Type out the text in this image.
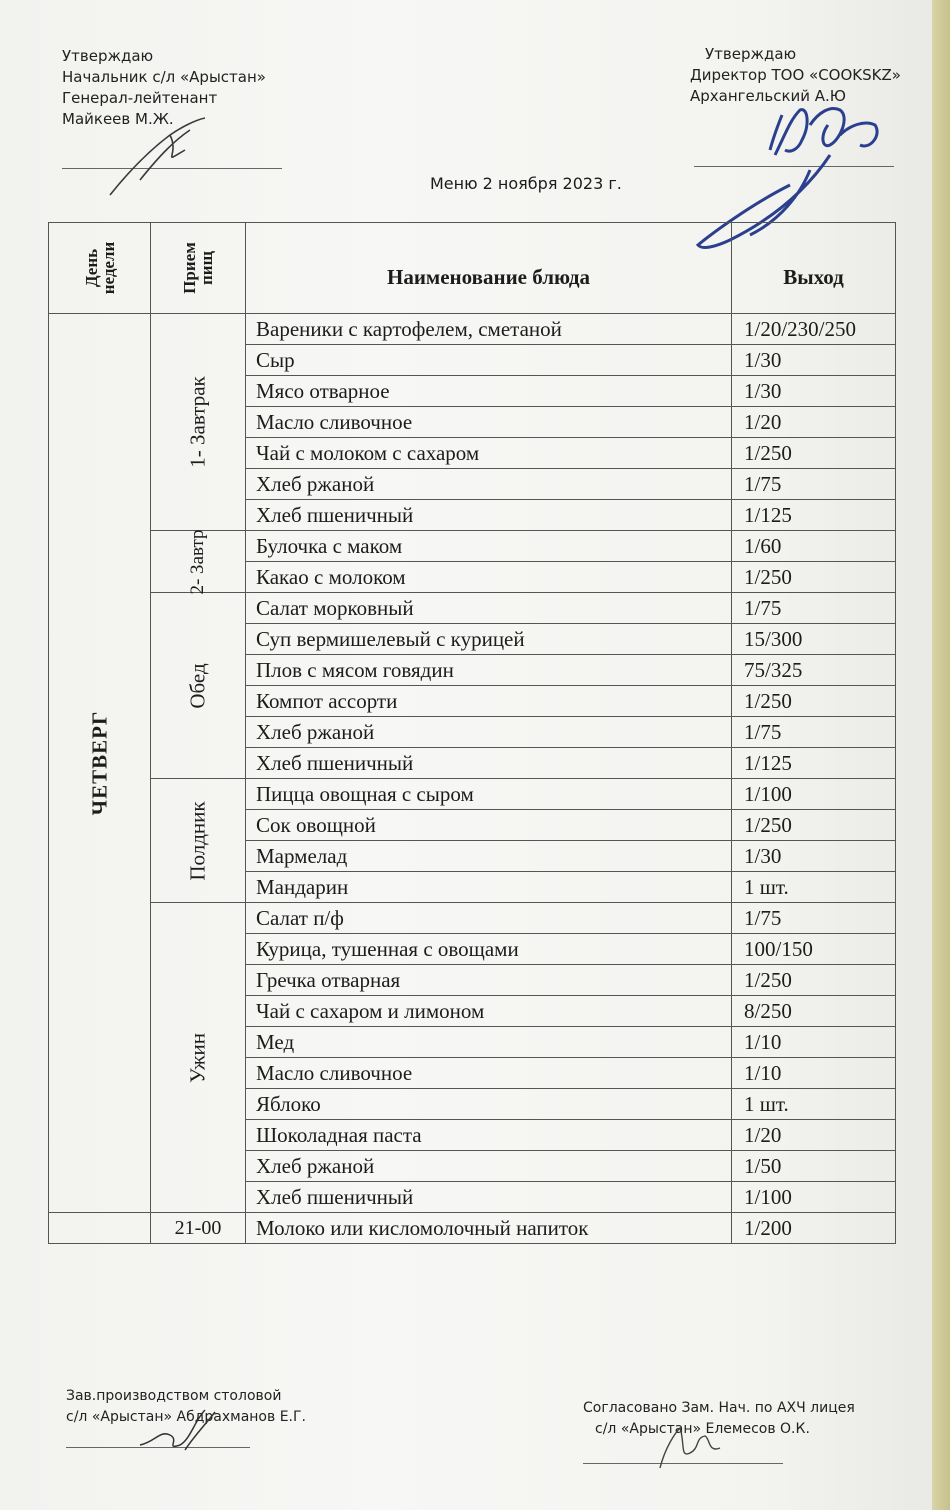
Утверждаю
Начальник с/л «Арыстан»
Генерал-лейтенант
Майкеев М.Ж.
Утверждаю
Директор ТОО «COOKSKZ»
Архангельский А.Ю
Меню 2 ноября 2023 г.
День недели	Прием пищ	Наименование блюда	Выход

ЧЕТВЕРГ	1- Завтрак	Вареники с картофелем, сметаной	1/20/230/250
		Сыр	1/30
		Мясо отварное	1/30
		Масло сливочное	1/20
		Чай с молоком с сахаром	1/250
		Хлеб ржаной	1/75
		Хлеб пшеничный	1/125

	2- Завтр	Булочка с маком	1/60
		Какао с молоком	1/250

	Обед	Салат морковный	1/75
		Суп вермишелевый с курицей	15/300
		Плов с мясом говядин	75/325
		Компот ассорти	1/250
		Хлеб ржаной	1/75
		Хлеб пшеничный	1/125

	Полдник	Пицца овощная с сыром	1/100
		Сок овощной	1/250
		Мармелад	1/30
		Мандарин	1 шт.

	Ужин	Салат п/ф	1/75
		Курица, тушенная с овощами	100/150
		Гречка отварная	1/250
		Чай с сахаром и лимоном	8/250
		Мед	1/10
		Масло сливочное	1/10
		Яблоко	1 шт.
		Шоколадная паста	1/20
		Хлеб ржаной	1/50
		Хлеб пшеничный	1/100
	21-00	Молоко или кисломолочный напиток	1/200
Зав.производством столовой
с/л «Арыстан» Абдрахманов Е.Г.
Согласовано Зам. Нач. по АХЧ лицея
с/л «Арыстан» Елемесов О.К.
